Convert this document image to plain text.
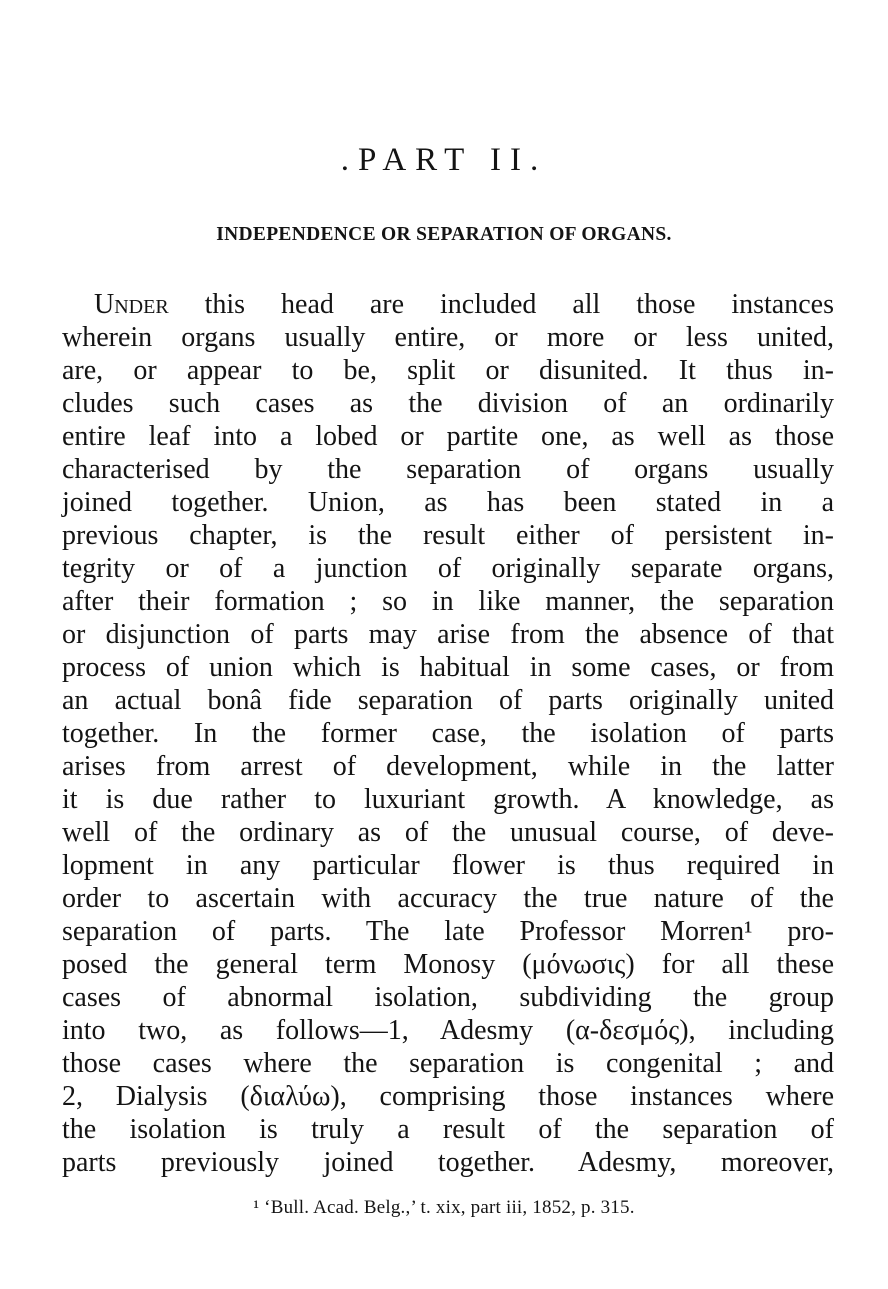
.PART II.
INDEPENDENCE OR SEPARATION OF ORGANS.
Under this head are included all those instances
wherein organs usually entire, or more or less united,
are, or appear to be, split or disunited. It thus in-
cludes such cases as the division of an ordinarily
entire leaf into a lobed or partite one, as well as those
characterised by the separation of organs usually
joined together. Union, as has been stated in a
previous chapter, is the result either of persistent in-
tegrity or of a junction of originally separate organs,
after their formation ; so in like manner, the separation
or disjunction of parts may arise from the absence of that
process of union which is habitual in some cases, or from
an actual bonâ fide separation of parts originally united
together. In the former case, the isolation of parts
arises from arrest of development, while in the latter
it is due rather to luxuriant growth. A knowledge, as
well of the ordinary as of the unusual course, of deve-
lopment in any particular flower is thus required in
order to ascertain with accuracy the true nature of the
separation of parts. The late Professor Morren¹ pro-
posed the general term Monosy (μόνωσις) for all these
cases of abnormal isolation, subdividing the group
into two, as follows—1, Adesmy (α-δεσμός), including
those cases where the separation is congenital ; and
2, Dialysis (διαλύω), comprising those instances where
the isolation is truly a result of the separation of
parts previously joined together. Adesmy, moreover,

¹ ‘Bull. Acad. Belg.,’ t. xix, part iii, 1852, p. 315.
